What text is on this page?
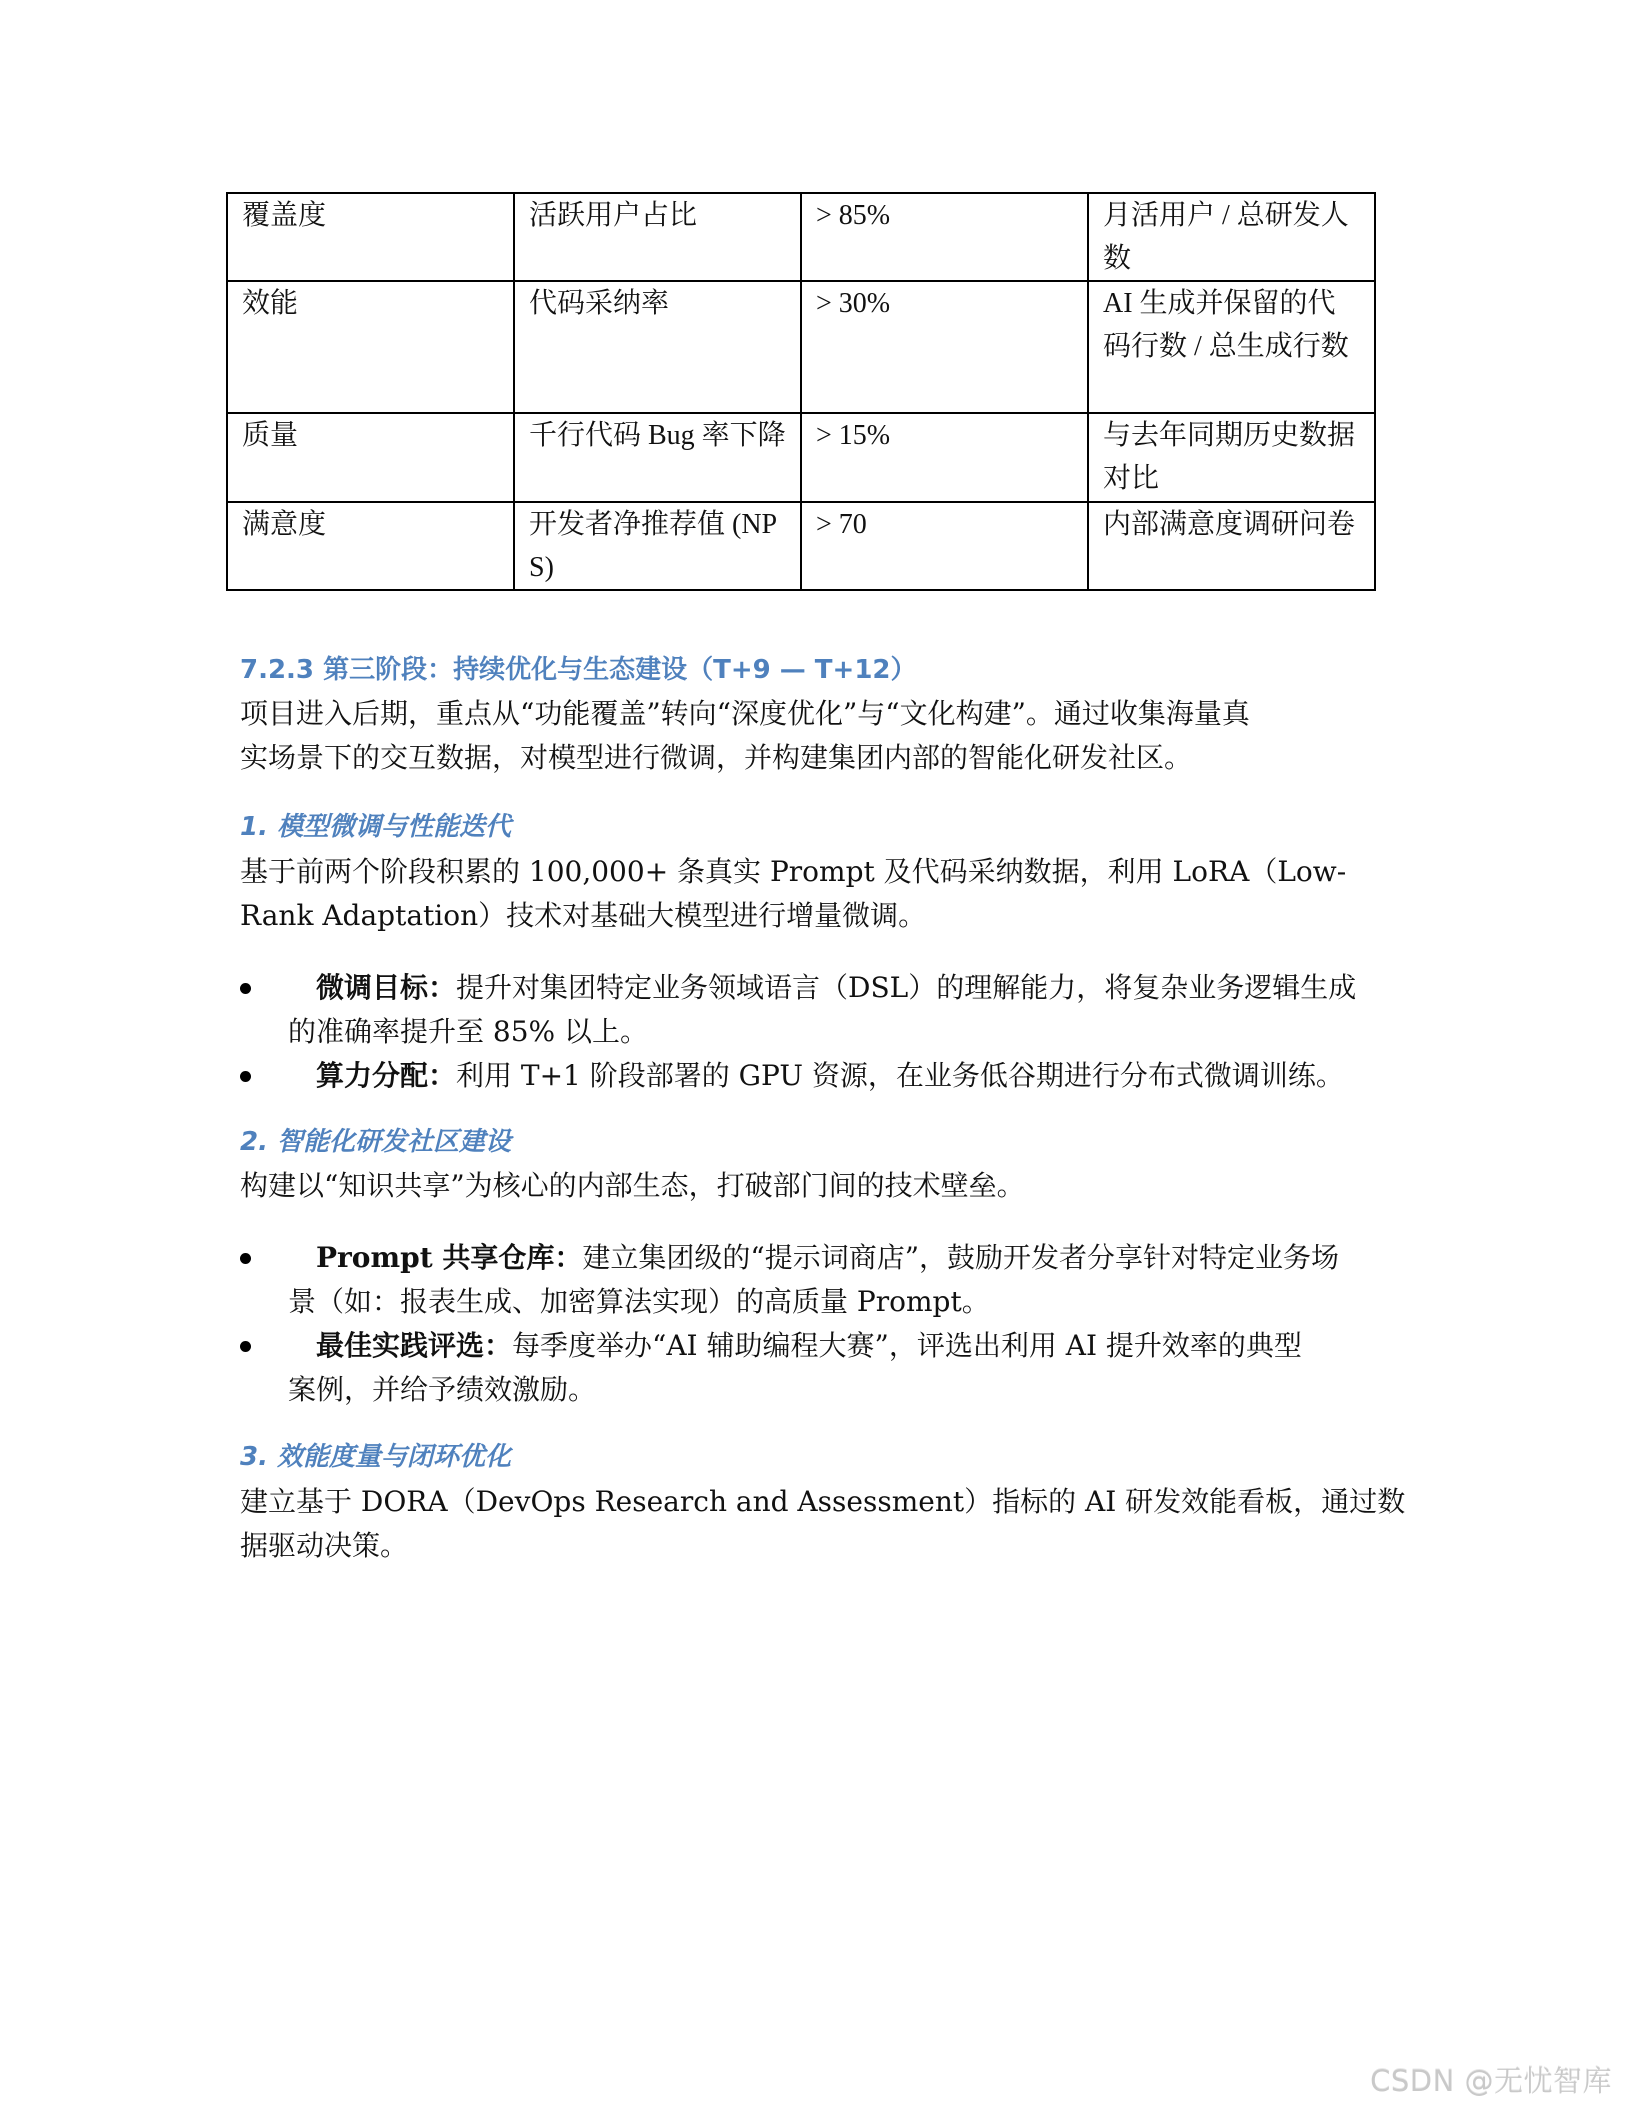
覆盖度	活跃用户占比	> 85%	月活用户 / 总研发人数
效能	代码采纳率	> 30%	AI 生成并保留的代码行数 / 总生成行数
质量	千行代码 Bug 率下降	> 15%	与去年同期历史数据对比
满意度	开发者净推荐值 (NPS)	> 70	内部满意度调研问卷
7.2.3 第三阶段：持续优化与生态建设（T+9 — T+12）
项目进入后期，重点从“功能覆盖”转向“深度优化”与“文化构建”。通过收集海量真
实场景下的交互数据，对模型进行微调，并构建集团内部的智能化研发社区。
1. 模型微调与性能迭代
基于前两个阶段积累的 100,000+ 条真实 Prompt 及代码采纳数据，利用 LoRA（Low-
Rank Adaptation）技术对基础大模型进行增量微调。
微调目标：提升对集团特定业务领域语言（DSL）的理解能力，将复杂业务逻辑生成
的准确率提升至 85% 以上。
算力分配：利用 T+1 阶段部署的 GPU 资源，在业务低谷期进行分布式微调训练。
2. 智能化研发社区建设
构建以“知识共享”为核心的内部生态，打破部门间的技术壁垒。
Prompt 共享仓库：建立集团级的“提示词商店”，鼓励开发者分享针对特定业务场
景（如：报表生成、加密算法实现）的高质量 Prompt。
最佳实践评选：每季度举办“AI 辅助编程大赛”，评选出利用 AI 提升效率的典型
案例，并给予绩效激励。
3. 效能度量与闭环优化
建立基于 DORA（DevOps Research and Assessment）指标的 AI 研发效能看板，通过数
据驱动决策。
CSDN @无忧智库
